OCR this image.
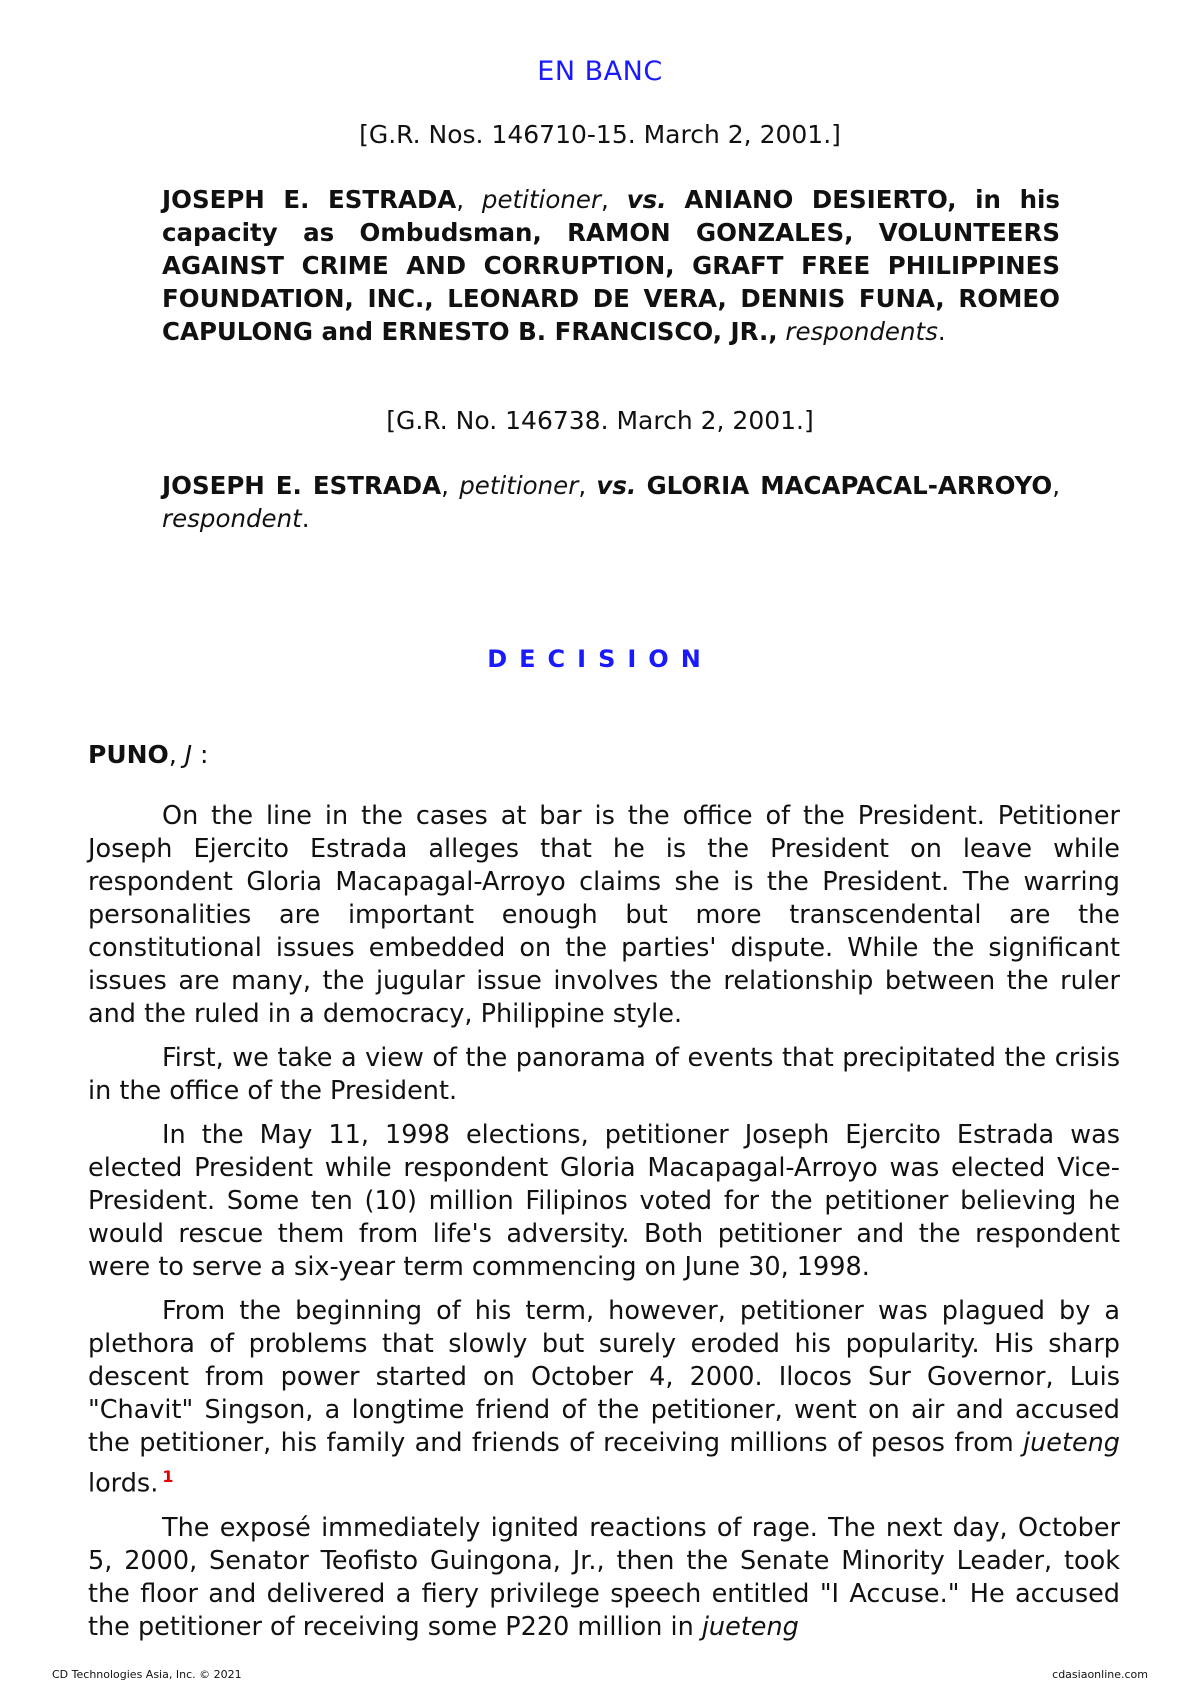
EN BANC
[G.R. Nos. 146710-15. March 2, 2001.]
JOSEPH E. ESTRADA, petitioner, vs. ANIANO DESIERTO, in his capacity as Ombudsman, RAMON GONZALES, VOLUNTEERS AGAINST CRIME AND CORRUPTION, GRAFT FREE PHILIPPINES FOUNDATION, INC., LEONARD DE VERA, DENNIS FUNA, ROMEO CAPULONG and ERNESTO B. FRANCISCO, JR., respondents.
[G.R. No. 146738. March 2, 2001.]
JOSEPH E. ESTRADA, petitioner, vs. GLORIA MACAPACAL-ARROYO, respondent.
DECISION
PUNO, J :

On the line in the cases at bar is the office of the President. Petitioner Joseph Ejercito Estrada alleges that he is the President on leave while respondent Gloria Macapagal-Arroyo claims she is the President. The warring personalities are important enough but more transcendental are the constitutional issues embedded on the parties' dispute. While the significant issues are many, the jugular issue involves the relationship between the ruler and the ruled in a democracy, Philippine style.

First, we take a view of the panorama of events that precipitated the crisis in the office of the President.

In the May 11, 1998 elections, petitioner Joseph Ejercito Estrada was elected President while respondent Gloria Macapagal-Arroyo was elected Vice- President. Some ten (10) million Filipinos voted for the petitioner believing he would rescue them from life's adversity. Both petitioner and the respondent were to serve a six-year term commencing on June 30, 1998.

From the beginning of his term, however, petitioner was plagued by a plethora of problems that slowly but surely eroded his popularity. His sharp descent from power started on October 4, 2000. Ilocos Sur Governor, Luis "Chavit" Singson, a longtime friend of the petitioner, went on air and accused the petitioner, his family and friends of receiving millions of pesos from jueteng lords. $^1$

The exposé immediately ignited reactions of rage. The next day, October 5, 2000, Senator Teofisto Guingona, Jr., then the Senate Minority Leader, took the floor and delivered a fiery privilege speech entitled "I Accuse." He accused the petitioner of receiving some P220 million in jueteng

CD Technologies Asia, Inc. © 2021	cdasiaonline.com
